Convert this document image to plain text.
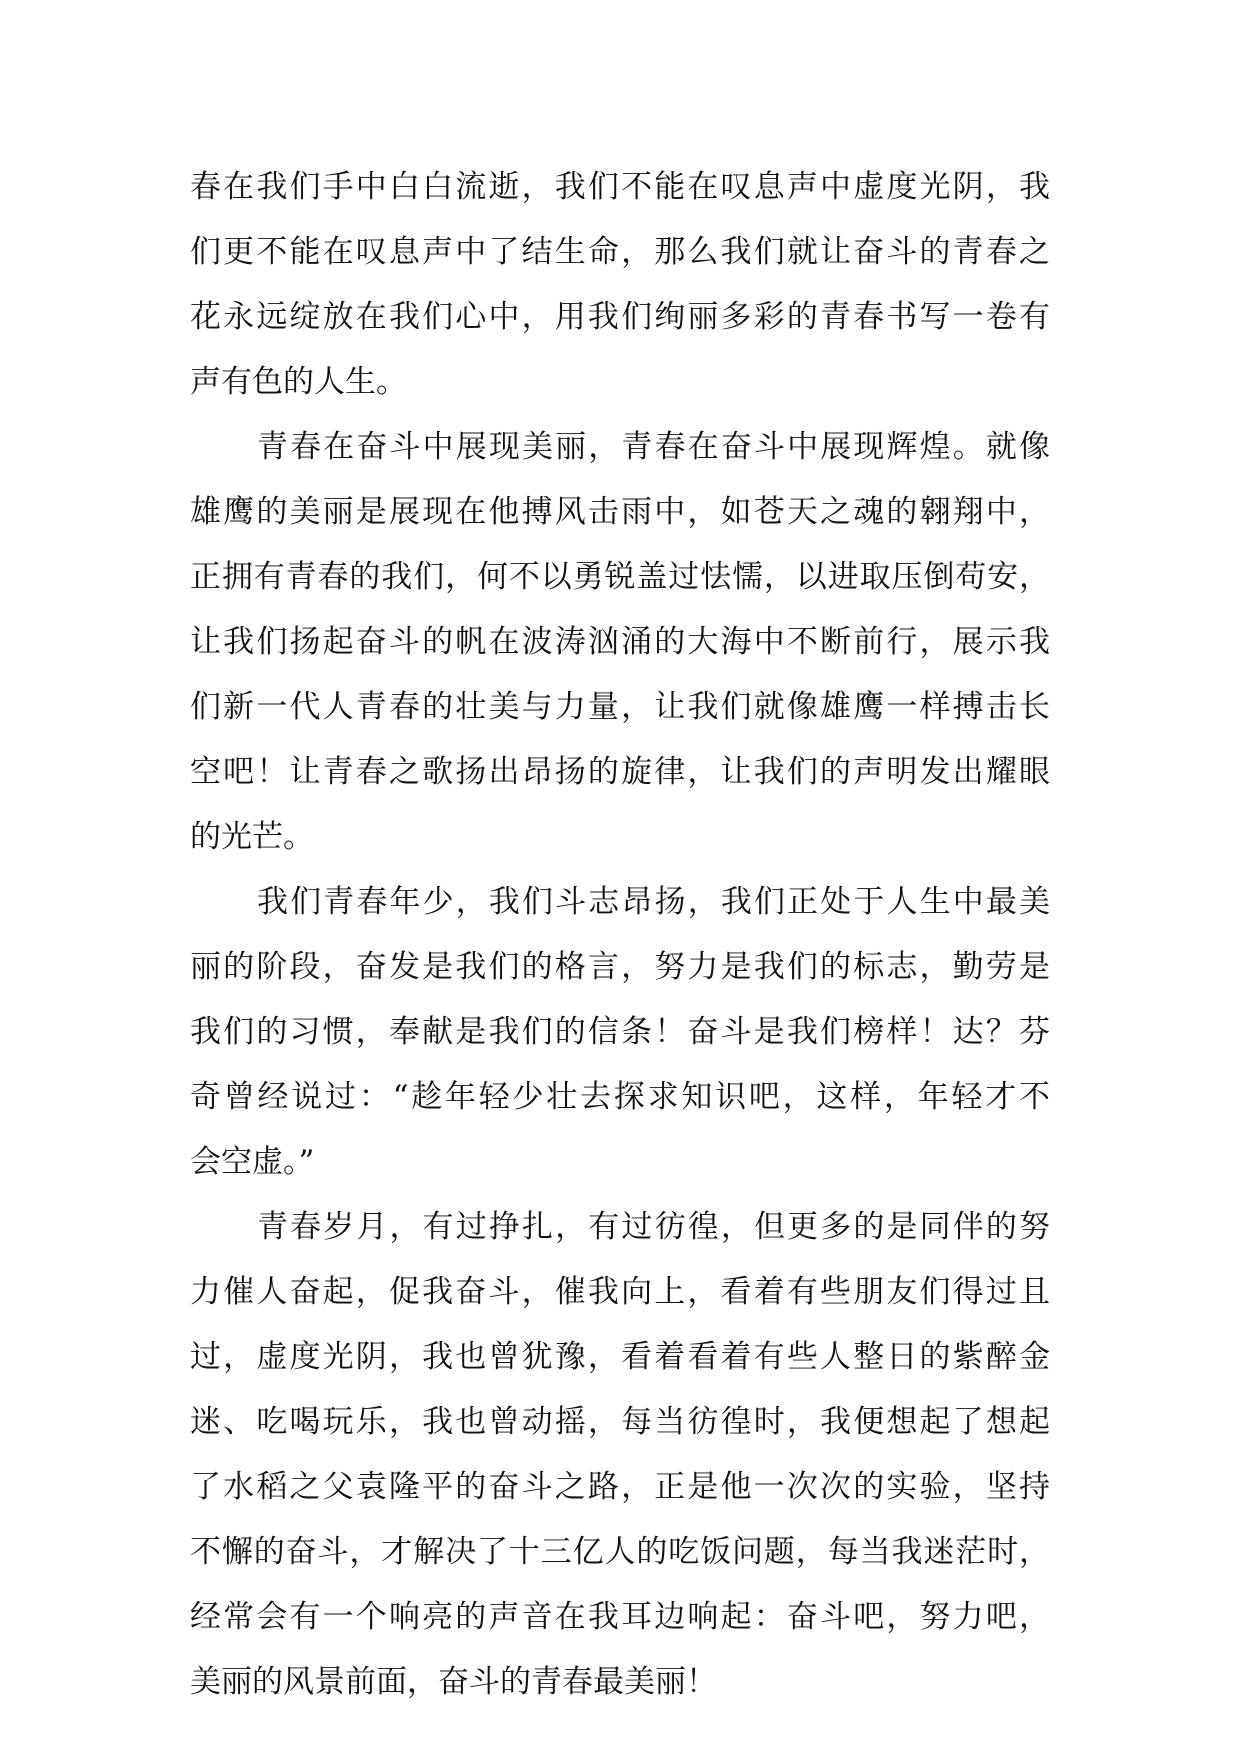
春在我们手中白白流逝，我们不能在叹息声中虚度光阴，我
们更不能在叹息声中了结生命，那么我们就让奋斗的青春之
花永远绽放在我们心中，用我们绚丽多彩的青春书写一卷有
声有色的人生。
青春在奋斗中展现美丽，青春在奋斗中展现辉煌。就像
雄鹰的美丽是展现在他搏风击雨中，如苍天之魂的翱翔中，
正拥有青春的我们，何不以勇锐盖过怯懦，以进取压倒苟安，
让我们扬起奋斗的帆在波涛汹涌的大海中不断前行，展示我
们新一代人青春的壮美与力量，让我们就像雄鹰一样搏击长
空吧！让青春之歌扬出昂扬的旋律，让我们的声明发出耀眼
的光芒。
我们青春年少，我们斗志昂扬，我们正处于人生中最美
丽的阶段，奋发是我们的格言，努力是我们的标志，勤劳是
我们的习惯，奉献是我们的信条！奋斗是我们榜样！达？芬
奇曾经说过：“趁年轻少壮去探求知识吧，这样，年轻才不
会空虚。”
青春岁月，有过挣扎，有过彷徨，但更多的是同伴的努
力催人奋起，促我奋斗，催我向上，看着有些朋友们得过且
过，虚度光阴，我也曾犹豫，看着看着有些人整日的紫醉金
迷、吃喝玩乐，我也曾动摇，每当彷徨时，我便想起了想起
了水稻之父袁隆平的奋斗之路，正是他一次次的实验，坚持
不懈的奋斗，才解决了十三亿人的吃饭问题，每当我迷茫时，
经常会有一个响亮的声音在我耳边响起：奋斗吧，努力吧，
美丽的风景前面，奋斗的青春最美丽！
